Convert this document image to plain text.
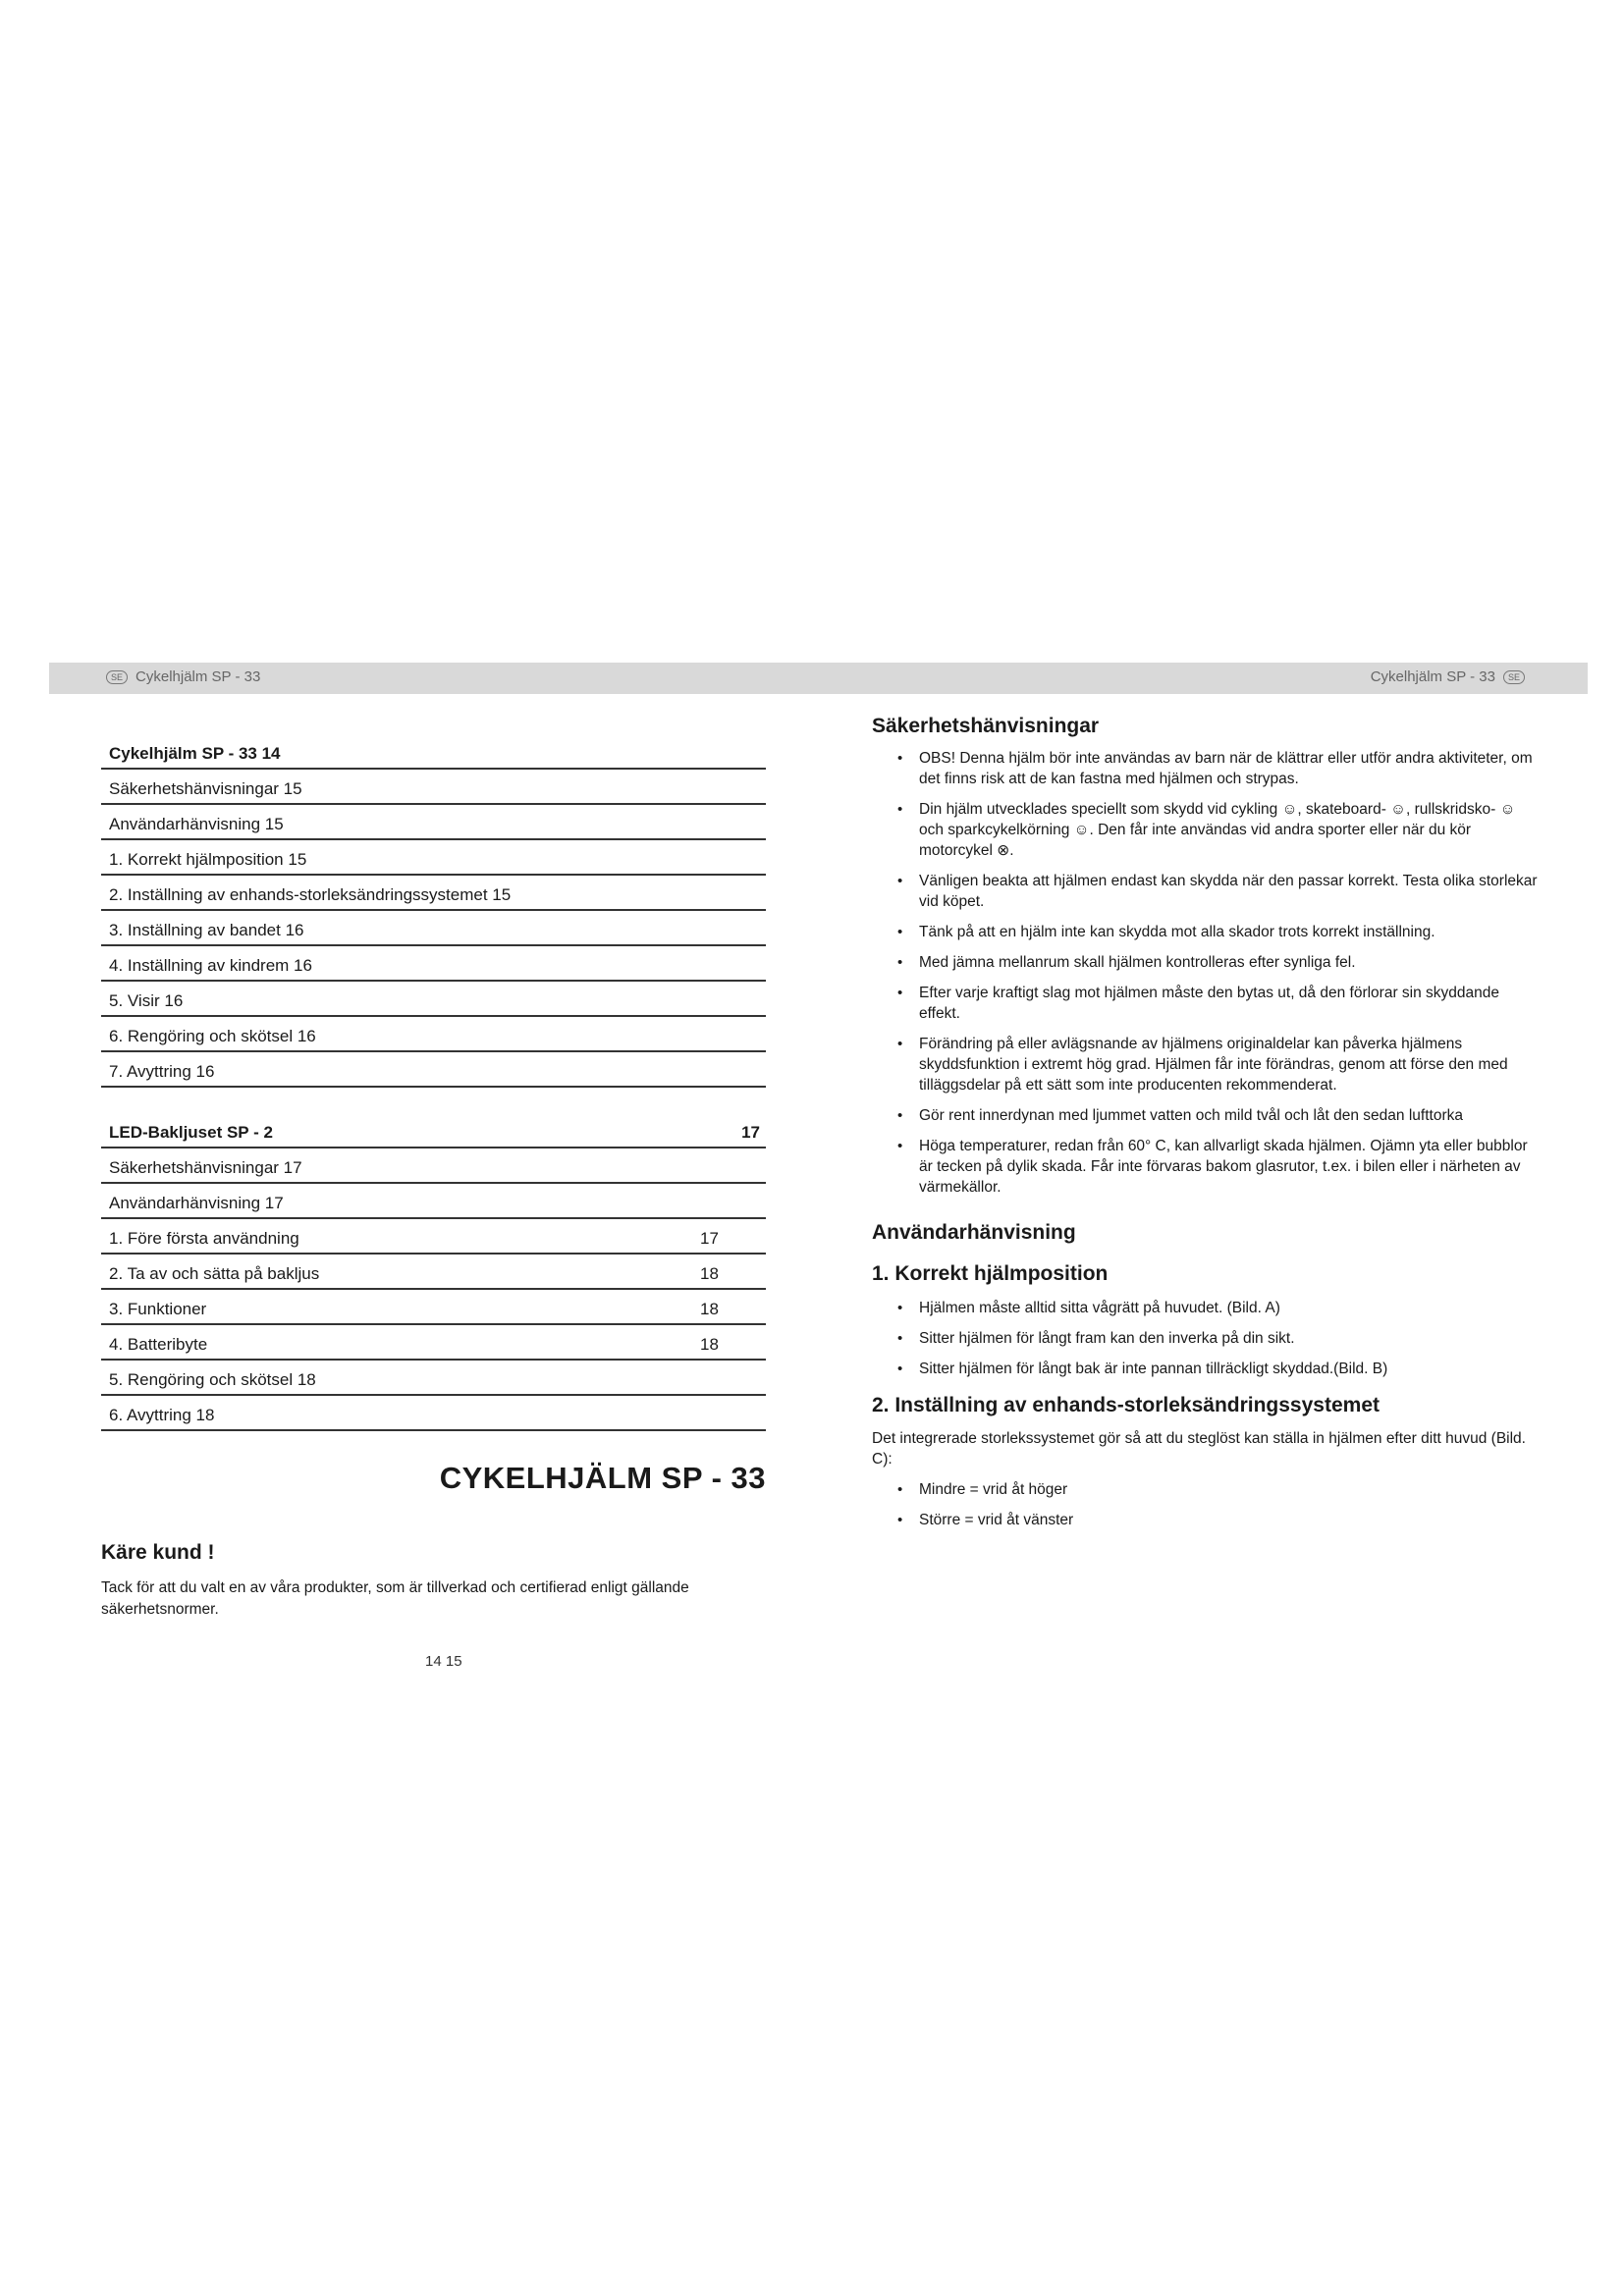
SE Cykelhjälm SP - 33	Cykelhjälm SP - 33	SE
Cykelhjälm SP - 33 14
Säkerhetshänvisningar 15
Användarhänvisning 15
1. Korrekt hjälmposition 15
2. Inställning av enhands-storleksändringssystemet 15
3. Inställning av bandet 16
4. Inställning av kindrem 16
5. Visir 16
6. Rengöring och skötsel 16
7. Avyttring 16
LED-Bakljuset SP - 2	17
Säkerhetshänvisningar 17
Användarhänvisning 17
1. Före första användning	17
2. Ta av och sätta på bakljus	18
3. Funktioner	18
4. Batteribyte	18
5. Rengöring och skötsel 18
6. Avyttring 18
CYKELHJÄLM SP - 33
Käre kund !
Tack för att du valt en av våra produkter, som är tillverkad och certifierad enligt gällande säkerhetsnormer.
14 15
Säkerhetshänvisningar
• OBS! Denna hjälm bör inte användas av barn när de klättrar eller utför andra aktiviteter, om det finns risk att de kan fastna med hjälmen och strypas.
• Din hjälm utvecklades speciellt som skydd vid cykling ☺, skateboard- ☺, rullskridsko- ☺ och sparkcykelkörning ☺. Den får inte användas vid andra sporter eller när du kör motorcykel ⊗.
• Vänligen beakta att hjälmen endast kan skydda när den passar korrekt. Testa olika storlekar vid köpet.
• Tänk på att en hjälm inte kan skydda mot alla skador trots korrekt inställning.
• Med jämna mellanrum skall hjälmen kontrolleras efter synliga fel.
• Efter varje kraftigt slag mot hjälmen måste den bytas ut, då den förlorar sin skyddande effekt.
• Förändring på eller avlägsnande av hjälmens originaldelar kan påverka hjälmens skyddsfunktion i extremt hög grad. Hjälmen får inte förändras, genom att förse den med tilläggsdelar på ett sätt som inte producenten rekommenderat.
• Gör rent innerdynan med ljummet vatten och mild tvål och låt den sedan lufttorka
• Höga temperaturer, redan från 60° C, kan allvarligt skada hjälmen. Ojämn yta eller bubblor är tecken på dylik skada. Får inte förvaras bakom glasrutor, t.ex. i bilen eller i närheten av värmekällor.
Användarhänvisning
1. Korrekt hjälmposition
• Hjälmen måste alltid sitta vågrätt på huvudet. (Bild. A)
• Sitter hjälmen för långt fram kan den inverka på din sikt.
• Sitter hjälmen för långt bak är inte pannan tillräckligt skyddad.(Bild. B)
2. Inställning av enhands-storleksändringssystemet
Det integrerade storlekssystemet gör så att du steglöst kan ställa in hjälmen efter ditt huvud (Bild. C):
• Mindre = vrid åt höger
• Större = vrid åt vänster
